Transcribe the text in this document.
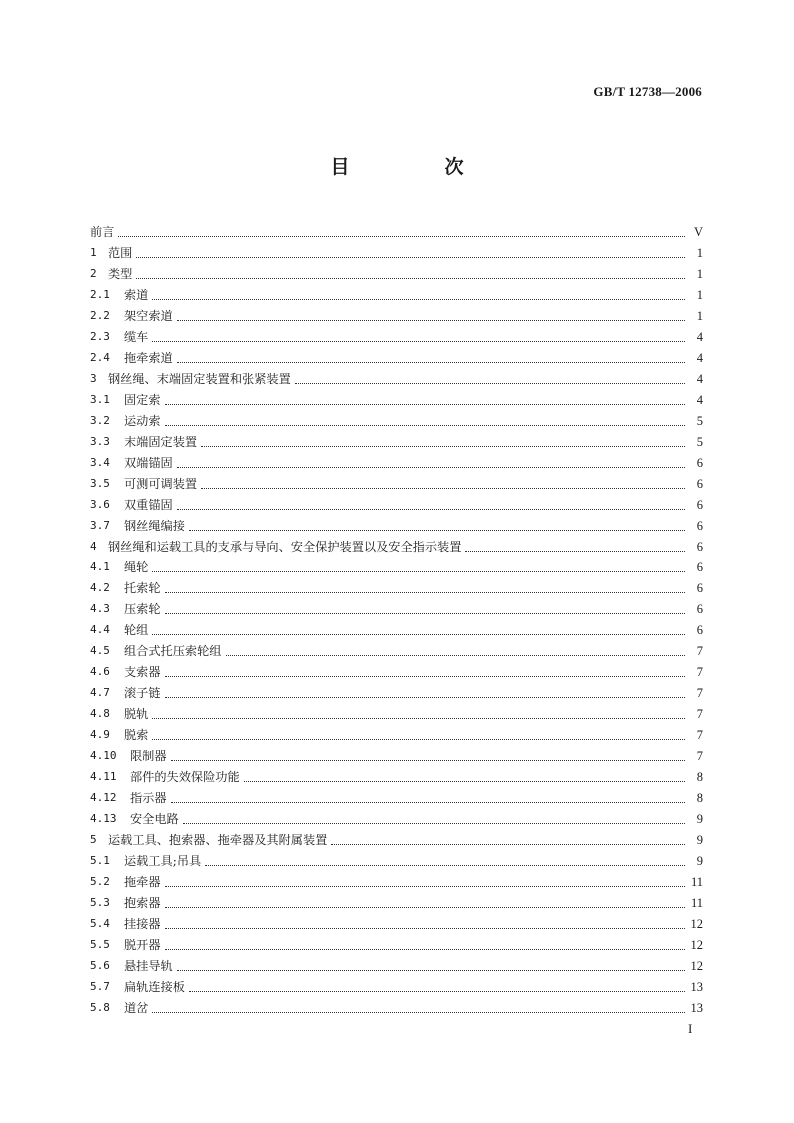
GB/T 12738—2006
目　次
前言	V
1 范围	1
2 类型	1
2.1	索道	1
2.2	架空索道	1
2.3	缆车	4
2.4	拖牵索道	4
3 钢丝绳、末端固定装置和张紧装置	4
3.1	固定索	4
3.2	运动索	5
3.3	末端固定装置	5
3.4	双端锚固	6
3.5	可测可调装置	6
3.6	双重锚固	6
3.7	钢丝绳编接	6
4 钢丝绳和运载工具的支承与导向、安全保护装置以及安全指示装置	6
4.1	绳轮	6
4.2	托索轮	6
4.3	压索轮	6
4.4	轮组	6
4.5	组合式托压索轮组	7
4.6	支索器	7
4.7	滚子链	7
4.8	脱轨	7
4.9	脱索	7
4.10	限制器	7
4.11	部件的失效保险功能	8
4.12	指示器	8
4.13	安全电路	9
5 运载工具、抱索器、拖牵器及其附属装置	9
5.1	运载工具;吊具	9
5.2	拖牵器	11
5.3	抱索器	11
5.4	挂接器	12
5.5	脱开器	12
5.6	悬挂导轨	12
5.7	扁轨连接板	13
5.8	道岔	13
I
